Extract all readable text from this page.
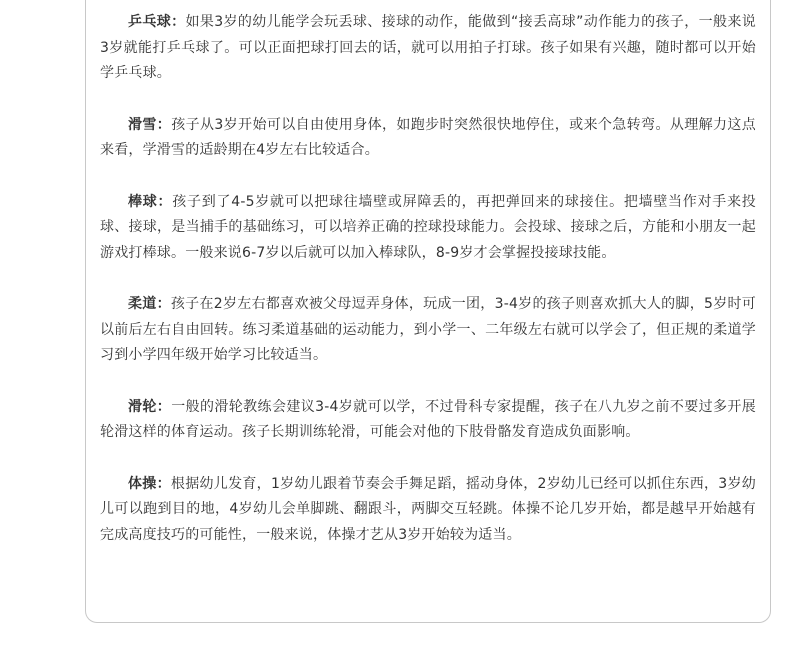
乒乓球：如果3岁的幼儿能学会玩丢球、接球的动作，能做到“接丢高球”动作能力的孩子，一般来说3岁就能打乒乓球了。可以正面把球打回去的话，就可以用拍子打球。孩子如果有兴趣，随时都可以开始学乒乓球。

滑雪：孩子从3岁开始可以自由使用身体，如跑步时突然很快地停住，或来个急转弯。从理解力这点来看，学滑雪的适龄期在4岁左右比较适合。

棒球：孩子到了4-5岁就可以把球往墙壁或屏障丢的，再把弹回来的球接住。把墙壁当作对手来投球、接球，是当捕手的基础练习，可以培养正确的控球投球能力。会投球、接球之后，方能和小朋友一起游戏打棒球。一般来说6-7岁以后就可以加入棒球队，8-9岁才会掌握投接球技能。

柔道：孩子在2岁左右都喜欢被父母逗弄身体，玩成一团，3-4岁的孩子则喜欢抓大人的脚，5岁时可以前后左右自由回转。练习柔道基础的运动能力，到小学一、二年级左右就可以学会了，但正规的柔道学习到小学四年级开始学习比较适当。

滑轮：一般的滑轮教练会建议3-4岁就可以学，不过骨科专家提醒，孩子在八九岁之前不要过多开展轮滑这样的体育运动。孩子长期训练轮滑，可能会对他的下肢骨骼发育造成负面影响。

体操：根据幼儿发育，1岁幼儿跟着节奏会手舞足蹈，摇动身体，2岁幼儿已经可以抓住东西，3岁幼儿可以跑到目的地，4岁幼儿会单脚跳、翻跟斗，两脚交互轻跳。体操不论几岁开始，都是越早开始越有完成高度技巧的可能性，一般来说，体操才艺从3岁开始较为适当。
